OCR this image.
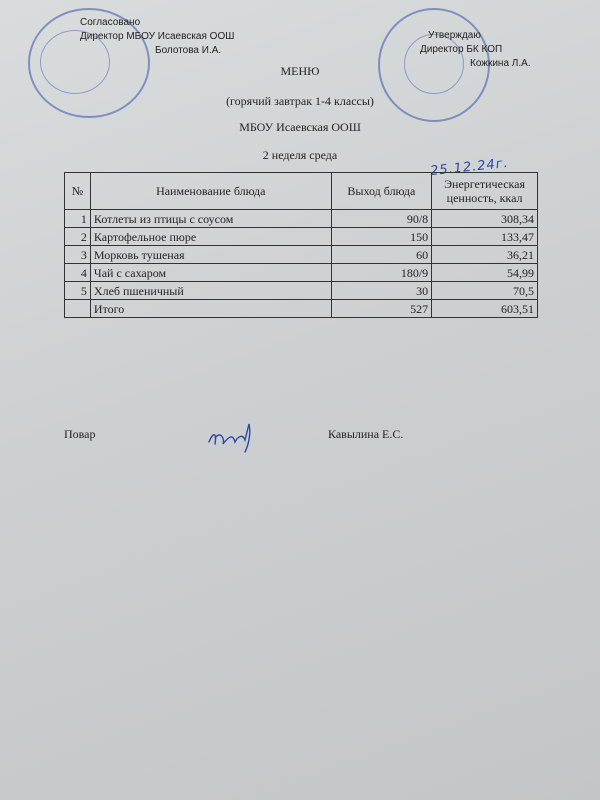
Согласовано
Директор МБОУ Исаевская ООШ
Болотова И.А.
Утверждаю
Директор БК КОП
Кожкина Л.А.
МЕНЮ
(горячий завтрак 1-4 классы)
МБОУ Исаевская ООШ
2 неделя среда
25.12.24г.
№	Наименование блюда	Выход блюда	Энергетическая ценность, ккал
1	Котлеты из птицы с соусом	90/8	308,34
2	Картофельное пюре	150	133,47
3	Морковь тушеная	60	36,21
4	Чай с сахаром	180/9	54,99
5	Хлеб пшеничный	30	70,5
	Итого	527	603,51
Повар	Кавылина Е.С.
